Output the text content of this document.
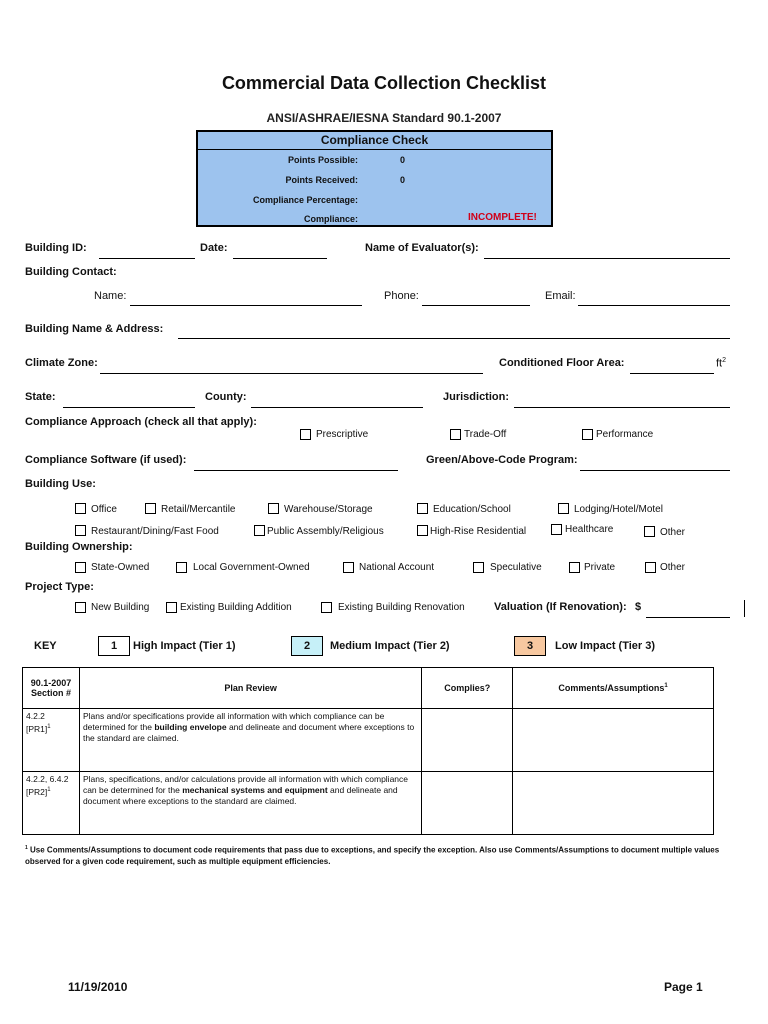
Commercial Data Collection Checklist
ANSI/ASHRAE/IESNA Standard 90.1-2007
Compliance Check
Points Possible:	0
Points Received:	0
Compliance Percentage:
Compliance:	INCOMPLETE!
Building ID:	Date:	Name of Evaluator(s):
Building Contact:
Name:	Phone:	Email:
Building Name & Address:
Climate Zone:	Conditioned Floor Area:	$ft^2$
State:	County:	Jurisdiction:
Compliance Approach (check all that apply):
Prescriptive	Trade-Off	Performance
Compliance Software (if used):	Green/Above-Code Program:
Building Use:
Office	Retail/Mercantile	Warehouse/Storage	Education/School	Lodging/Hotel/Motel
Restaurant/Dining/Fast Food	Public Assembly/Religious	High-Rise Residential	Healthcare	Other
Building Ownership:
State-Owned	Local Government-Owned	National Account	Speculative	Private	Other
Project Type:
New Building	Existing Building Addition	Existing Building Renovation	Valuation (If Renovation): $
KEY	1	High Impact (Tier 1)	2	Medium Impact (Tier 2)	3	Low Impact (Tier 3)
90.1-2007 Section #	Plan Review	Complies?	Comments/Assumptions$^1$

4.2.2
$[PR1]^1$	Plans and/or specifications provide all information with which compliance can be determined for the building envelope and delineate and document where exceptions to the standard are claimed.		

4.2.2, 6.4.2
$[PR2]^1$	Plans, specifications, and/or calculations provide all information with which compliance can be determined for the mechanical systems and equipment and delineate and document where exceptions to the standard are claimed.		
$^1$ Use Comments/Assumptions to document code requirements that pass due to exceptions, and specify the exception. Also use Comments/Assumptions to document multiple values observed for a given code requirement, such as multiple equipment efficiencies.
11/19/2010	Page 1
